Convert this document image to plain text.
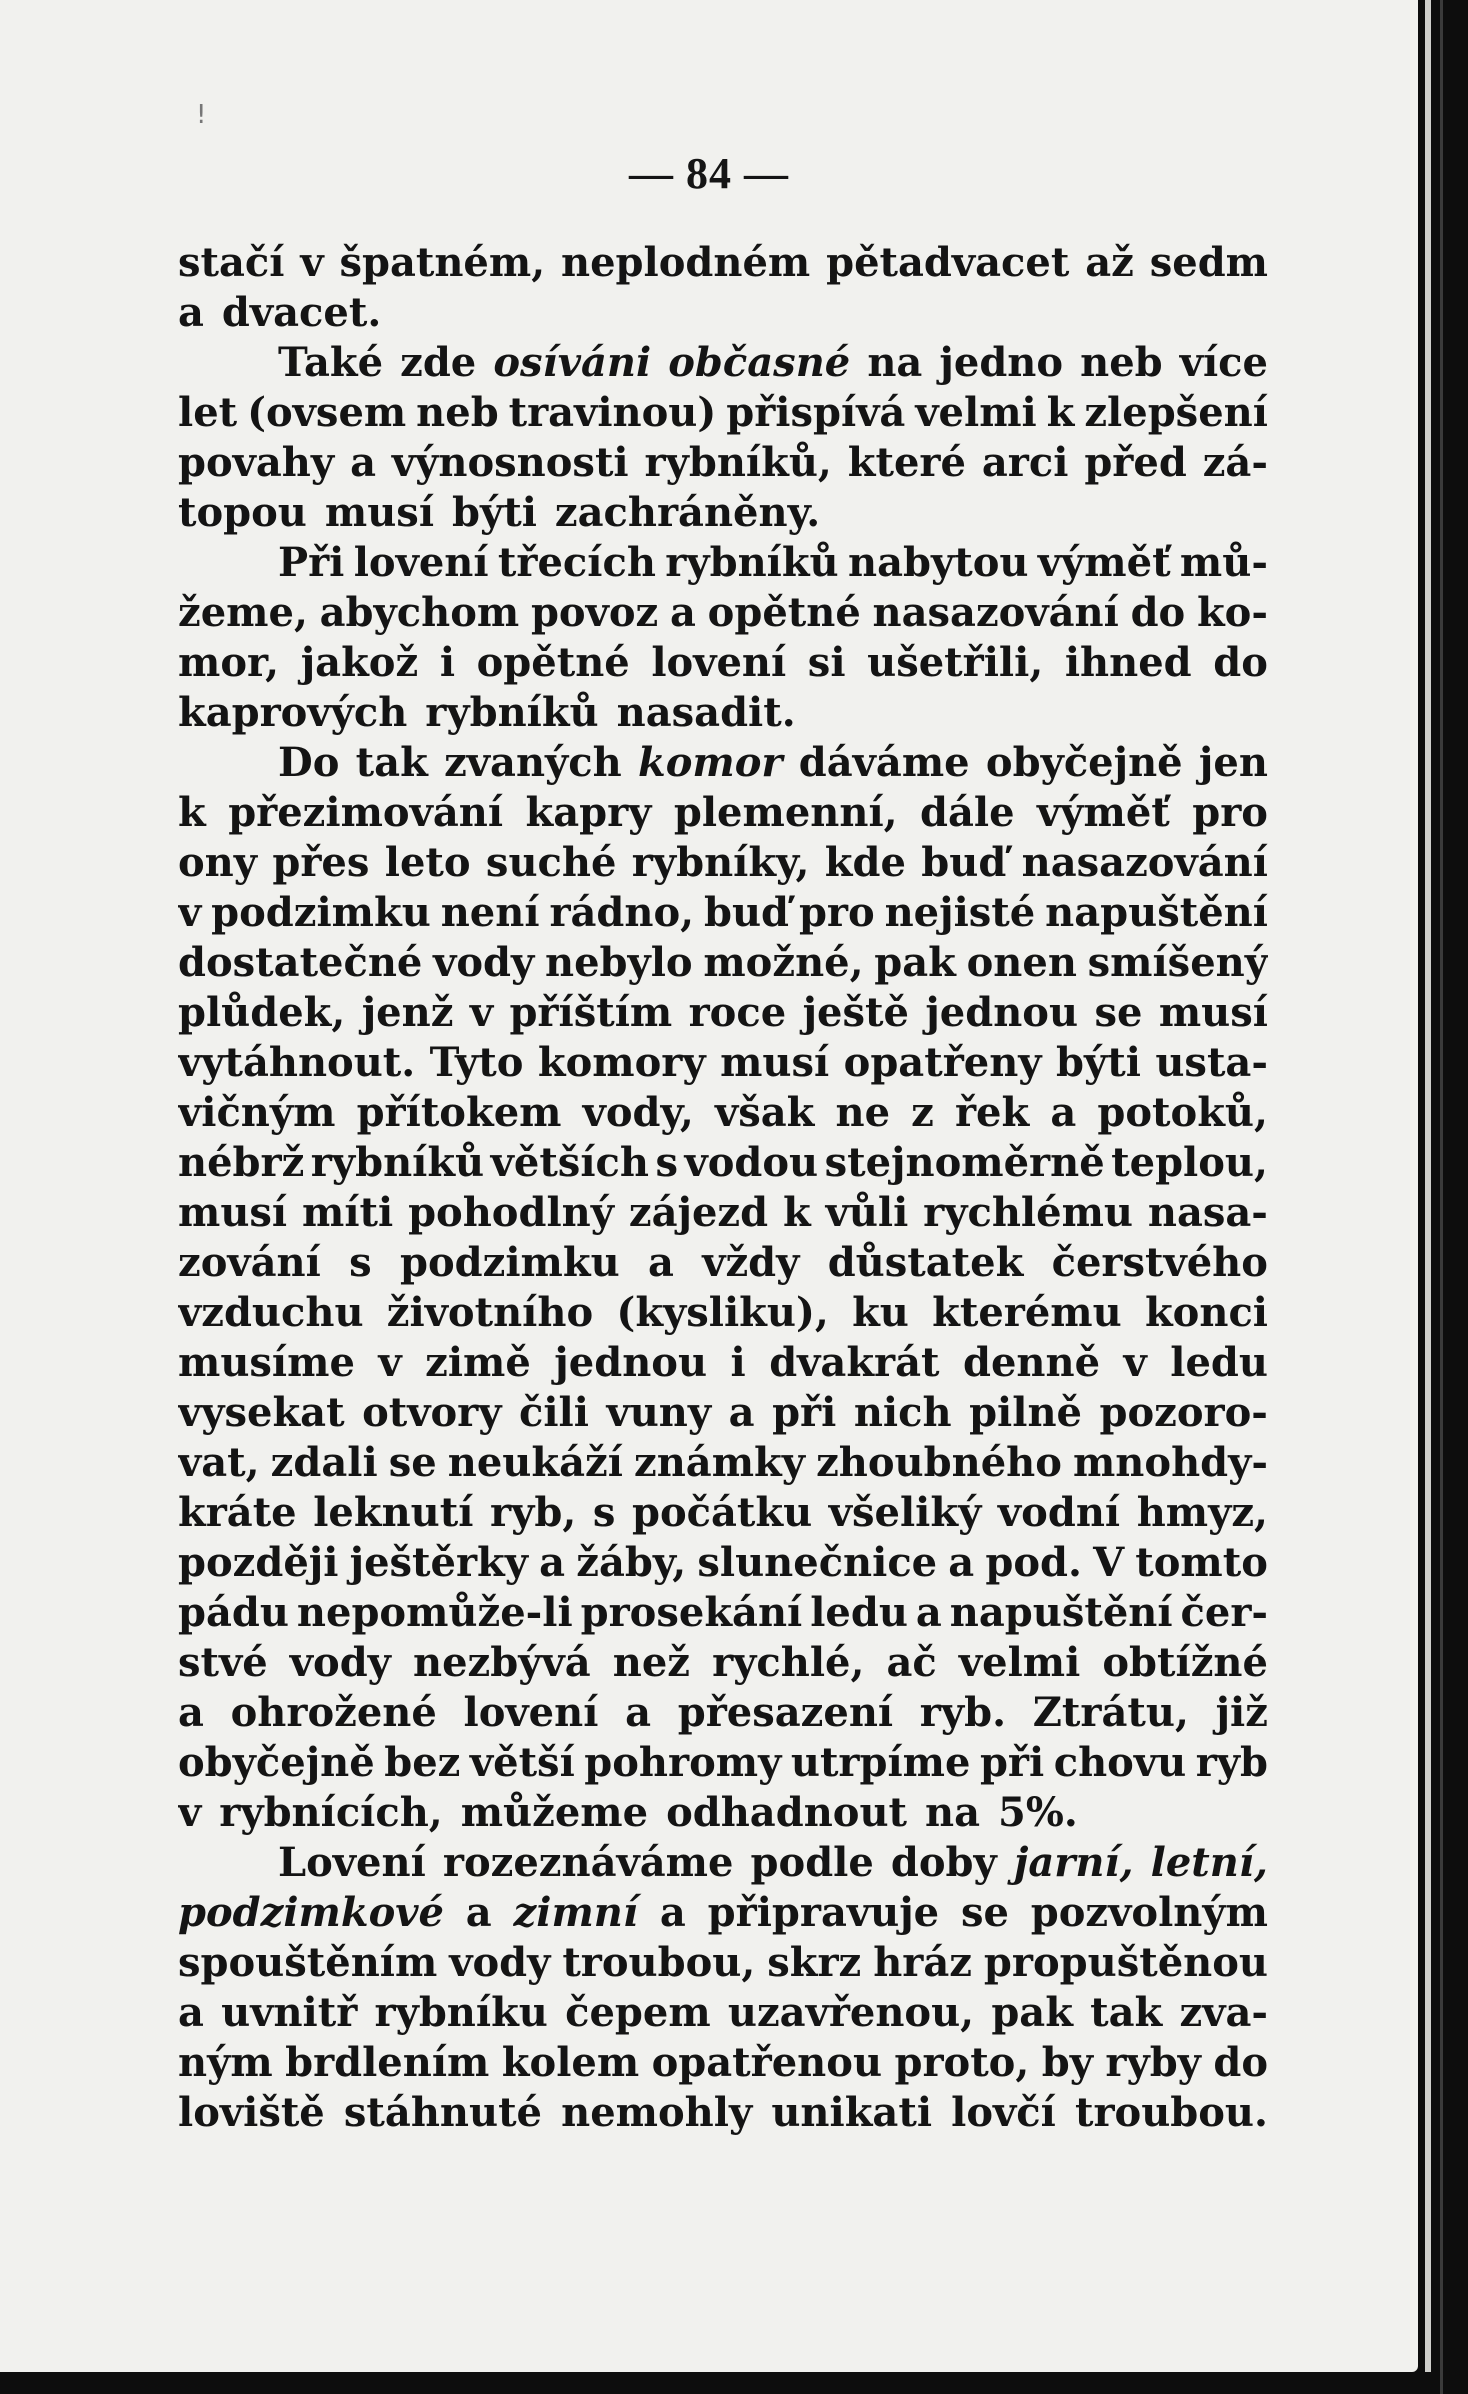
!
— 84 —
stačí v špatném, neplodném pětadvacet až sedm
a dvacet.
Také zde osíváni občasné na jedno neb více
let (ovsem neb travinou) přispívá velmi k zlepšení
povahy a výnosnosti rybníků, které arci před zá-
topou musí býti zachráněny.
Při lovení třecích rybníků nabytou výměť mů-
žeme, abychom povoz a opětné nasazování do ko-
mor, jakož i opětné lovení si ušetřili, ihned do
kaprových rybníků nasadit.
Do tak zvaných komor dáváme obyčejně jen
k přezimování kapry plemenní, dále výměť pro
ony přes leto suché rybníky, kde buď nasazování
v podzimku není rádno, buď pro nejisté napuštění
dostatečné vody nebylo možné, pak onen smíšený
plůdek, jenž v příštím roce ještě jednou se musí
vytáhnout. Tyto komory musí opatřeny býti usta-
vičným přítokem vody, však ne z řek a potoků,
nébrž rybníků větších s vodou stejnoměrně teplou,
musí míti pohodlný zájezd k vůli rychlému nasa-
zování s podzimku a vždy důstatek čerstvého
vzduchu životního (kysliku), ku kterému konci
musíme v zimě jednou i dvakrát denně v ledu
vysekat otvory čili vuny a při nich pilně pozoro-
vat, zdali se neukáží známky zhoubného mnohdy-
kráte leknutí ryb, s počátku všeliký vodní hmyz,
později ještěrky a žáby, slunečnice a pod. V tomto
pádu nepomůže-li prosekání ledu a napuštění čer-
stvé vody nezbývá než rychlé, ač velmi obtížné
a ohrožené lovení a přesazení ryb. Ztrátu, již
obyčejně bez větší pohromy utrpíme při chovu ryb
v rybnících, můžeme odhadnout na 5%.
Lovení rozeznáváme podle doby jarní, letní,
podzimkové a zimní a připravuje se pozvolným
spouštěním vody troubou, skrz hráz propuštěnou
a uvnitř rybníku čepem uzavřenou, pak tak zva-
ným brdlením kolem opatřenou proto, by ryby do
loviště stáhnuté nemohly unikati lovčí troubou.
